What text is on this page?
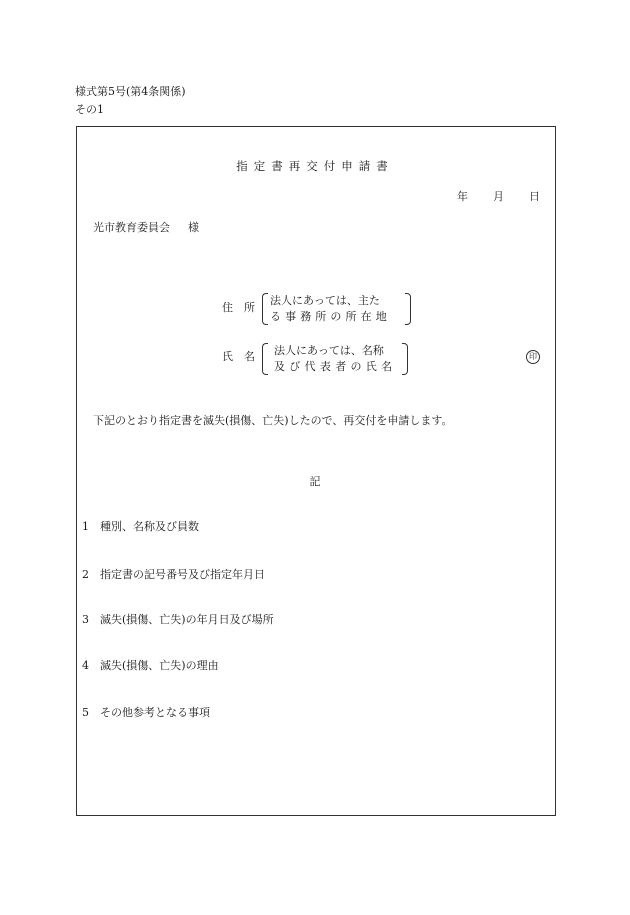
様式第5号(第4条関係)
その1
指定書再交付申請書
年 月 日
光市教育委員会 様
住 所
法人にあっては、主た
る事務所の所在地
氏 名 法人にあっては、名称
及び代表者の氏名
印
下記のとおり指定書を滅失(損傷、亡失)したので、再交付を申請します。
記
1 種別、名称及び員数
2 指定書の記号番号及び指定年月日
3 滅失(損傷、亡失)の年月日及び場所
4 滅失(損傷、亡失)の理由
5 その他参考となる事項
